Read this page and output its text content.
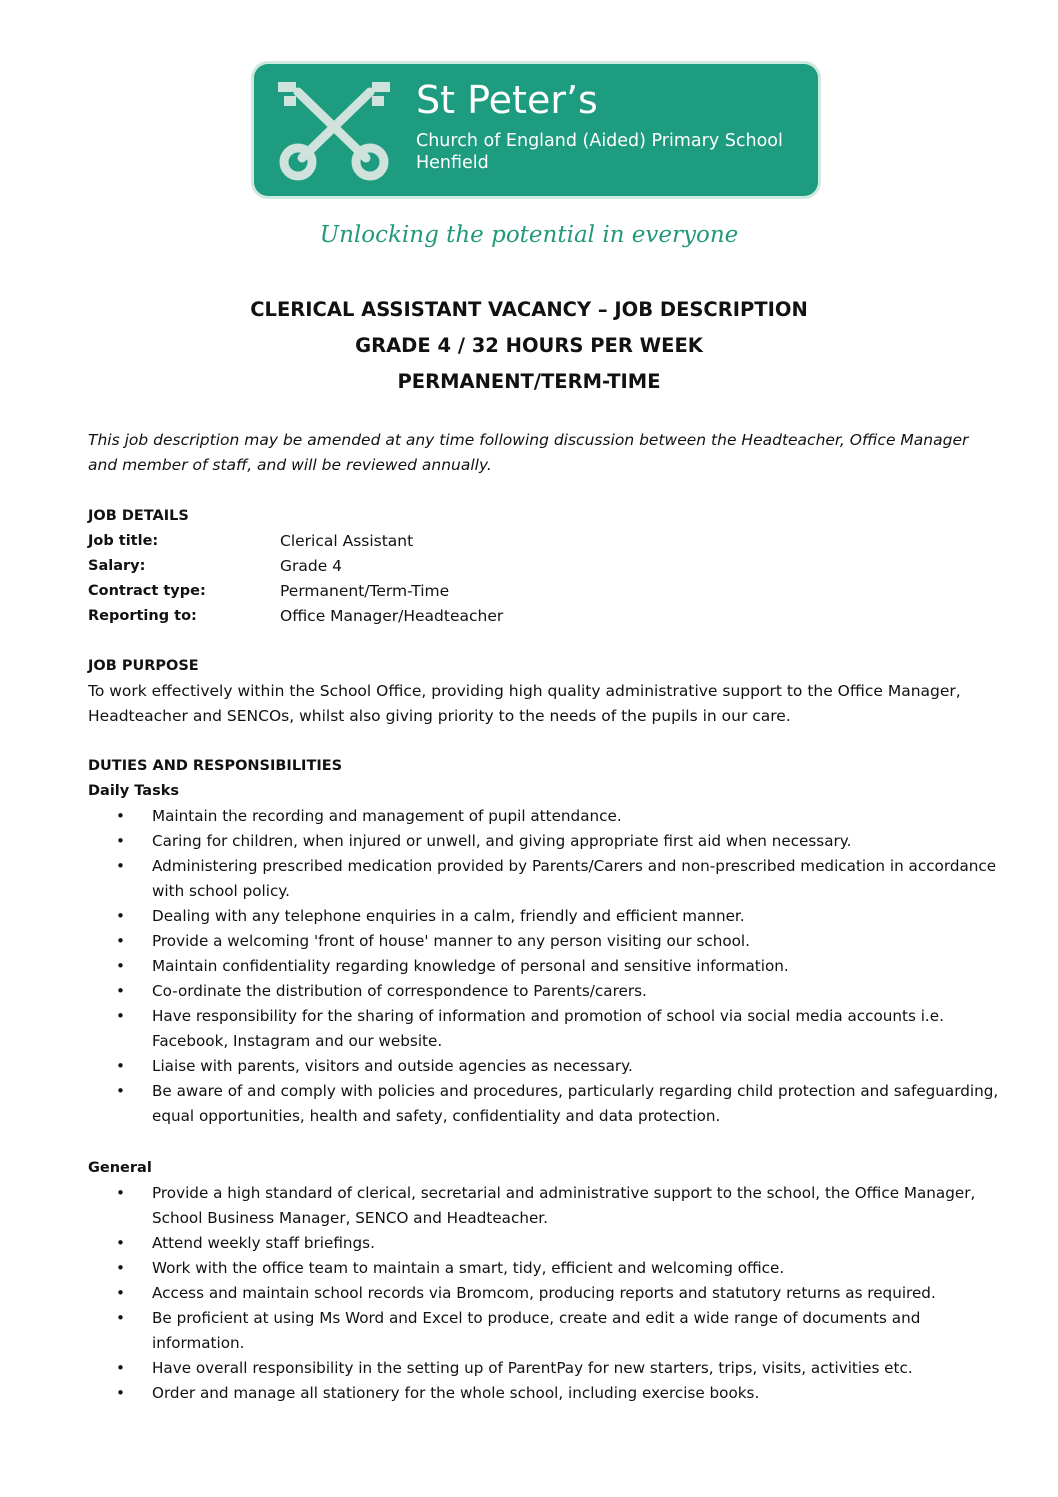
St Peter’s
Church of England (Aided) Primary School
Henfield
Unlocking the potential in everyone
CLERICAL ASSISTANT VACANCY – JOB DESCRIPTION
GRADE 4 / 32 HOURS PER WEEK
PERMANENT/TERM-TIME
This job description may be amended at any time following discussion between the Headteacher, Office Manager and member of staff, and will be reviewed annually.
JOB DETAILS
Job title:	Clerical Assistant
Salary:	Grade 4
Contract type:	Permanent/Term-Time
Reporting to:	Office Manager/Headteacher
JOB PURPOSE
To work effectively within the School Office, providing high quality administrative support to the Office Manager, Headteacher and SENCOs, whilst also giving priority to the needs of the pupils in our care.
DUTIES AND RESPONSIBILITIES
Daily Tasks
• Maintain the recording and management of pupil attendance.
• Caring for children, when injured or unwell, and giving appropriate first aid when necessary.
• Administering prescribed medication provided by Parents/Carers and non-prescribed medication in accordance with school policy.
• Dealing with any telephone enquiries in a calm, friendly and efficient manner.
• Provide a welcoming 'front of house' manner to any person visiting our school.
• Maintain confidentiality regarding knowledge of personal and sensitive information.
• Co-ordinate the distribution of correspondence to Parents/carers.
• Have responsibility for the sharing of information and promotion of school via social media accounts i.e. Facebook, Instagram and our website.
• Liaise with parents, visitors and outside agencies as necessary.
• Be aware of and comply with policies and procedures, particularly regarding child protection and safeguarding, equal opportunities, health and safety, confidentiality and data protection.
General
• Provide a high standard of clerical, secretarial and administrative support to the school, the Office Manager, School Business Manager, SENCO and Headteacher.
• Attend weekly staff briefings.
• Work with the office team to maintain a smart, tidy, efficient and welcoming office.
• Access and maintain school records via Bromcom, producing reports and statutory returns as required.
• Be proficient at using Ms Word and Excel to produce, create and edit a wide range of documents and information.
• Have overall responsibility in the setting up of ParentPay for new starters, trips, visits, activities etc.
• Order and manage all stationery for the whole school, including exercise books.
